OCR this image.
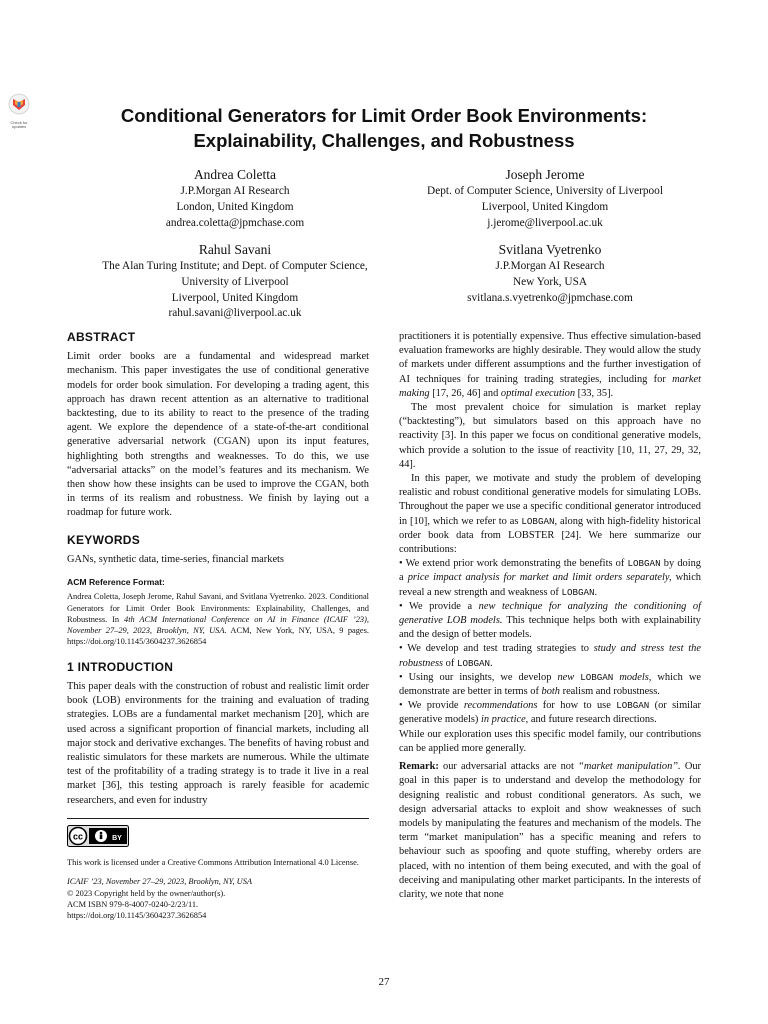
Check for
updates
Conditional Generators for Limit Order Book Environments:
Explainability, Challenges, and Robustness
Andrea Coletta
J.P.Morgan AI Research
London, United Kingdom
andrea.coletta@jpmchase.com
Joseph Jerome
Dept. of Computer Science, University of Liverpool
Liverpool, United Kingdom
j.jerome@liverpool.ac.uk
Rahul Savani
The Alan Turing Institute; and Dept. of Computer Science,
University of Liverpool
Liverpool, United Kingdom
rahul.savani@liverpool.ac.uk
Svitlana Vyetrenko
J.P.Morgan AI Research
New York, USA
svitlana.s.vyetrenko@jpmchase.com
ABSTRACT

Limit order books are a fundamental and widespread market mechanism. This paper investigates the use of conditional generative models for order book simulation. For developing a trading agent, this approach has drawn recent attention as an alternative to traditional backtesting, due to its ability to react to the presence of the trading agent. We explore the dependence of a state-of-the-art conditional generative adversarial network (CGAN) upon its input features, highlighting both strengths and weaknesses. To do this, we use “adversarial attacks” on the model’s features and its mechanism. We then show how these insights can be used to improve the CGAN, both in terms of its realism and robustness. We finish by laying out a roadmap for future work.

KEYWORDS

GANs, synthetic data, time-series, financial markets

ACM Reference Format:

Andrea Coletta, Joseph Jerome, Rahul Savani, and Svitlana Vyetrenko. 2023. Conditional Generators for Limit Order Book Environments: Explainability, Challenges, and Robustness. In 4th ACM International Conference on AI in Finance (ICAIF ’23), November 27–29, 2023, Brooklyn, NY, USA. ACM, New York, NY, USA, 9 pages. https://doi.org/10.1145/3604237.3626854

1 INTRODUCTION

This paper deals with the construction of robust and realistic limit order book (LOB) environments for the training and evaluation of trading strategies. LOBs are a fundamental market mechanism [20], which are used across a significant proportion of financial markets, including all major stock and derivative exchanges. The benefits of having robust and realistic simulators for these markets are numerous. While the ultimate test of the profitability of a trading strategy is to trade it live in a real market [36], this testing approach is rarely feasible for academic researchers, and even for industry

cc	BY

This work is licensed under a Creative Commons Attribution International 4.0 License.

ICAIF ’23, November 27–29, 2023, Brooklyn, NY, USA

© 2023 Copyright held by the owner/author(s).

ACM ISBN 979-8-4007-0240-2/23/11.

https://doi.org/10.1145/3604237.3626854

practitioners it is potentially expensive. Thus effective simulation-based evaluation frameworks are highly desirable. They would allow the study of markets under different assumptions and the further investigation of AI techniques for training trading strategies, including for market making [17, 26, 46] and optimal execution [33, 35].

The most prevalent choice for simulation is market replay (“backtesting”), but simulators based on this approach have no reactivity [3]. In this paper we focus on conditional generative models, which provide a solution to the issue of reactivity [10, 11, 27, 29, 32, 44].

In this paper, we motivate and study the problem of developing realistic and robust conditional generative models for simulating LOBs. Throughout the paper we use a specific conditional generator introduced in [10], which we refer to as LOBGAN, along with high-fidelity historical order book data from LOBSTER [24]. We here summarize our contributions:

• We extend prior work demonstrating the benefits of LOBGAN by doing a price impact analysis for market and limit orders separately, which reveal a new strength and weakness of LOBGAN.

• We provide a new technique for analyzing the conditioning of generative LOB models. This technique helps both with explainability and the design of better models.

• We develop and test trading strategies to study and stress test the robustness of LOBGAN.

• Using our insights, we develop new LOBGAN models, which we demonstrate are better in terms of both realism and robustness.

• We provide recommendations for how to use LOBGAN (or similar generative models) in practice, and future research directions.

While our exploration uses this specific model family, our contributions can be applied more generally.

Remark: our adversarial attacks are not “market manipulation”. Our goal in this paper is to understand and develop the methodology for designing realistic and robust conditional generators. As such, we design adversarial attacks to exploit and show weaknesses of such models by manipulating the features and mechanism of the models. The term “market manipulation” has a specific meaning and refers to behaviour such as spoofing and quote stuffing, whereby orders are placed, with no intention of them being executed, and with the goal of deceiving and manipulating other market participants. In the interests of clarity, we note that none

27
